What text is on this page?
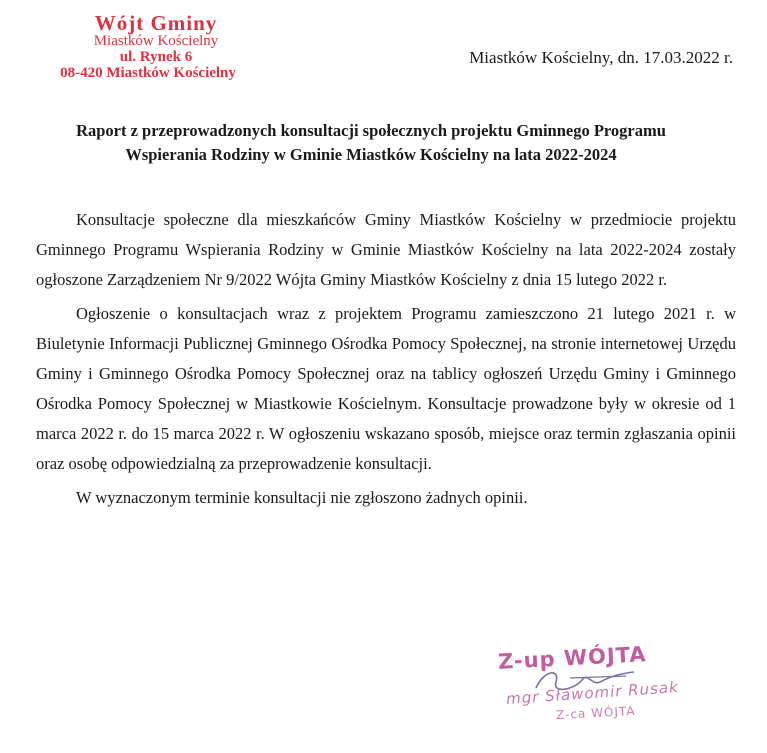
Wójt Gminy
Miastków Kościelny
ul. Rynek 6
08-420 Miastków Kościelny
Miastków Kościelny, dn. 17.03.2022 r.
Raport z przeprowadzonych konsultacji społecznych projektu Gminnego Programu Wspierania Rodziny w Gminie Miastków Kościelny na lata 2022-2024

Konsultacje społeczne dla mieszkańców Gminy Miastków Kościelny w przedmiocie projektu Gminnego Programu Wspierania Rodziny w Gminie Miastków Kościelny na lata 2022-2024 zostały ogłoszone Zarządzeniem Nr 9/2022 Wójta Gminy Miastków Kościelny z dnia 15 lutego 2022 r.

Ogłoszenie o konsultacjach wraz z projektem Programu zamieszczono 21 lutego 2021 r. w Biuletynie Informacji Publicznej Gminnego Ośrodka Pomocy Społecznej, na stronie internetowej Urzędu Gminy i Gminnego Ośrodka Pomocy Społecznej oraz na tablicy ogłoszeń Urzędu Gminy i Gminnego Ośrodka Pomocy Społecznej w Miastkowie Kościelnym. Konsultacje prowadzone były w okresie od 1 marca 2022 r. do 15 marca 2022 r. W ogłoszeniu wskazano sposób, miejsce oraz termin zgłaszania opinii oraz osobę odpowiedzialną za przeprowadzenie konsultacji.

W wyznaczonym terminie konsultacji nie zgłoszono żadnych opinii.

Z-up WÓJTA
mgr Sławomir Rusak
Z-ca WÓJTA
